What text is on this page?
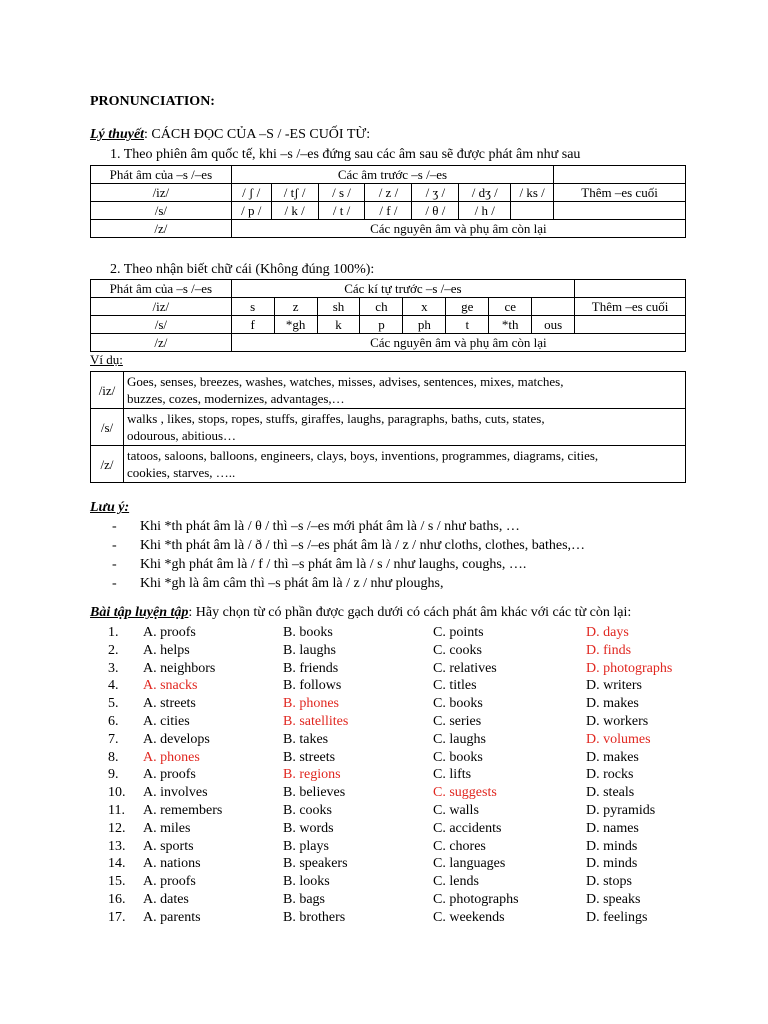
PRONUNCIATION:
Lý thuyết: CÁCH ĐỌC CỦA –S / -ES CUỐI TỪ:
1. Theo phiên âm quốc tế, khi –s /–es đứng sau các âm sau sẽ được phát âm như sau
Phát âm của –s /–es	Các âm trước –s /–es							
/iz/	/ ʃ /	/ tʃ /	/ s /	/ z /	/ ʒ /	/ dʒ /	/ ks /	Thêm –es cuối
/s/	/ p /	/ k /	/ t /	/ f /	/ θ /	/ h /		
/z/	Các nguyên âm và phụ âm còn lại							
2. Theo nhận biết chữ cái (Không đúng 100%):
Phát âm của –s /–es	Các kí tự trước –s /–es								
/iz/	s	z	sh	ch	x	ge	ce		Thêm –es cuối
/s/	f	*gh	k	p	ph	t	*th	ous	
/z/	Các nguyên âm và phụ âm còn lại								
Ví dụ:
/iz/	Goes, senses, breezes, washes, watches, misses, advises, sentences, mixes, matches,
buzzes, cozes, modernizes, advantages,…

/s/	walks , likes, stops, ropes, stuffs, giraffes, laughs, paragraphs, baths, cuts, states,
odourous, abitious…

/z/	tatoos, saloons, balloons, engineers, clays, boys, inventions, programmes, diagrams, cities,
cookies, starves, …..
Lưu ý:
- Khi *th phát âm là / θ / thì –s /–es mới phát âm là / s / như baths, …
- Khi *th phát âm là / ð / thì –s /–es phát âm là / z / như cloths, clothes, bathes,…
- Khi *gh phát âm là / f / thì –s phát âm là / s / như laughs, coughs, ….
- Khi *gh là âm câm thì –s phát âm là / z / như ploughs,
Bài tập luyện tập: Hãy chọn từ có phần được gạch dưới có cách phát âm khác với các từ còn lại:
1.	A. proofs	B. books	C. points	D. days
2.	A. helps	B. laughs	C. cooks	D. finds
3.	A. neighbors	B. friends	C. relatives	D. photographs
4.	A. snacks	B. follows	C. titles	D. writers
5.	A. streets	B. phones	C. books	D. makes
6.	A. cities	B. satellites	C. series	D. workers
7.	A. develops	B. takes	C. laughs	D. volumes
8.	A. phones	B. streets	C. books	D. makes
9.	A. proofs	B. regions	C. lifts	D. rocks
10.	A. involves	B. believes	C. suggests	D. steals
11.	A. remembers	B. cooks	C. walls	D. pyramids
12.	A. miles	B. words	C. accidents	D. names
13.	A. sports	B. plays	C. chores	D. minds
14.	A. nations	B. speakers	C. languages	D. minds
15.	A. proofs	B. looks	C. lends	D. stops
16.	A. dates	B. bags	C. photographs	D. speaks
17.	A. parents	B. brothers	C. weekends	D. feelings
